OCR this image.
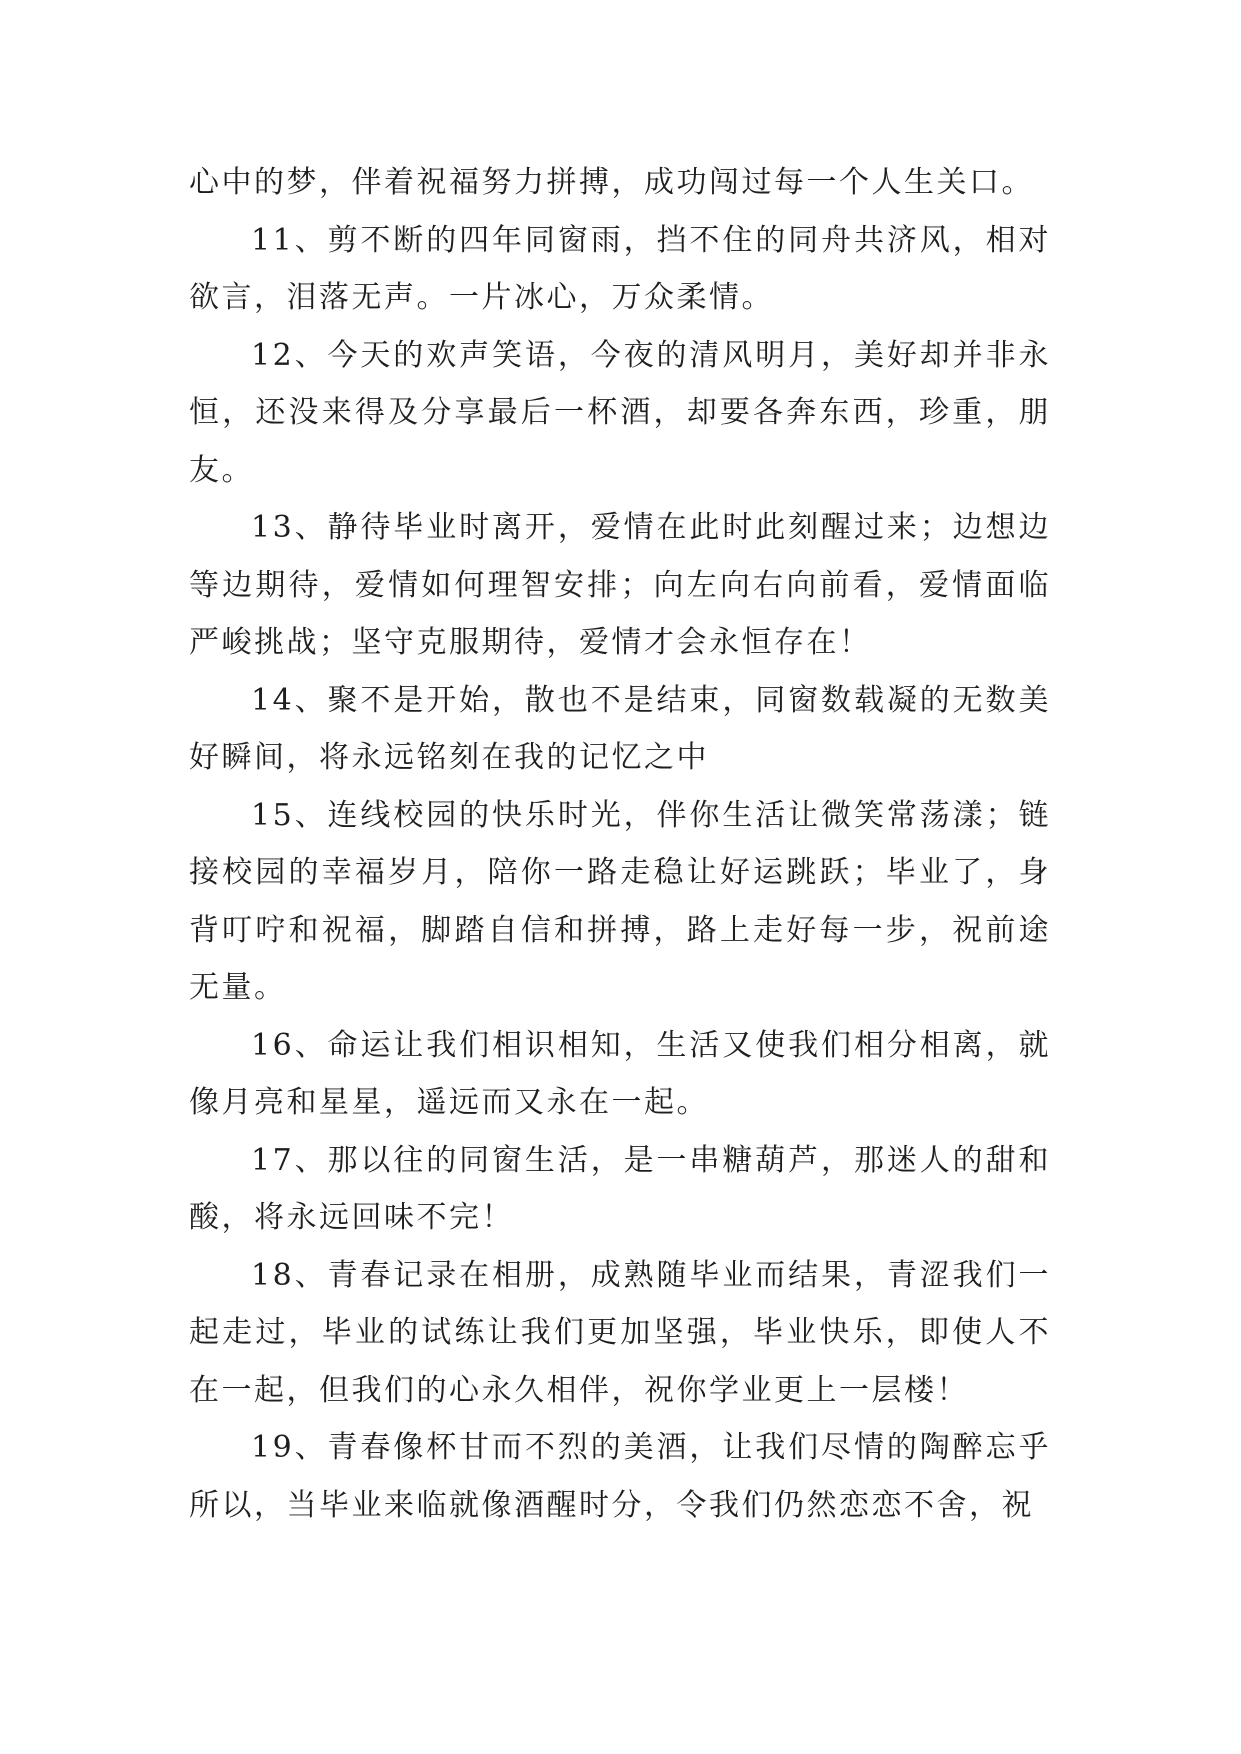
心中的梦，伴着祝福努力拼搏，成功闯过每一个人生关口。

11、剪不断的四年同窗雨，挡不住的同舟共济风，相对欲言，泪落无声。一片冰心，万众柔情。

12、今天的欢声笑语，今夜的清风明月，美好却并非永恒，还没来得及分享最后一杯酒，却要各奔东西，珍重，朋友。

13、静待毕业时离开，爱情在此时此刻醒过来；边想边等边期待，爱情如何理智安排；向左向右向前看，爱情面临严峻挑战；坚守克服期待，爱情才会永恒存在！

14、聚不是开始，散也不是结束，同窗数载凝的无数美好瞬间，将永远铭刻在我的记忆之中

15、连线校园的快乐时光，伴你生活让微笑常荡漾；链接校园的幸福岁月，陪你一路走稳让好运跳跃；毕业了，身背叮咛和祝福，脚踏自信和拼搏，路上走好每一步，祝前途无量。

16、命运让我们相识相知，生活又使我们相分相离，就像月亮和星星，遥远而又永在一起。

17、那以往的同窗生活，是一串糖葫芦，那迷人的甜和酸，将永远回味不完！

18、青春记录在相册，成熟随毕业而结果，青涩我们一起走过，毕业的试练让我们更加坚强，毕业快乐，即使人不在一起，但我们的心永久相伴，祝你学业更上一层楼！

19、青春像杯甘而不烈的美酒，让我们尽情的陶醉忘乎所以，当毕业来临就像酒醒时分，令我们仍然恋恋不舍，祝
